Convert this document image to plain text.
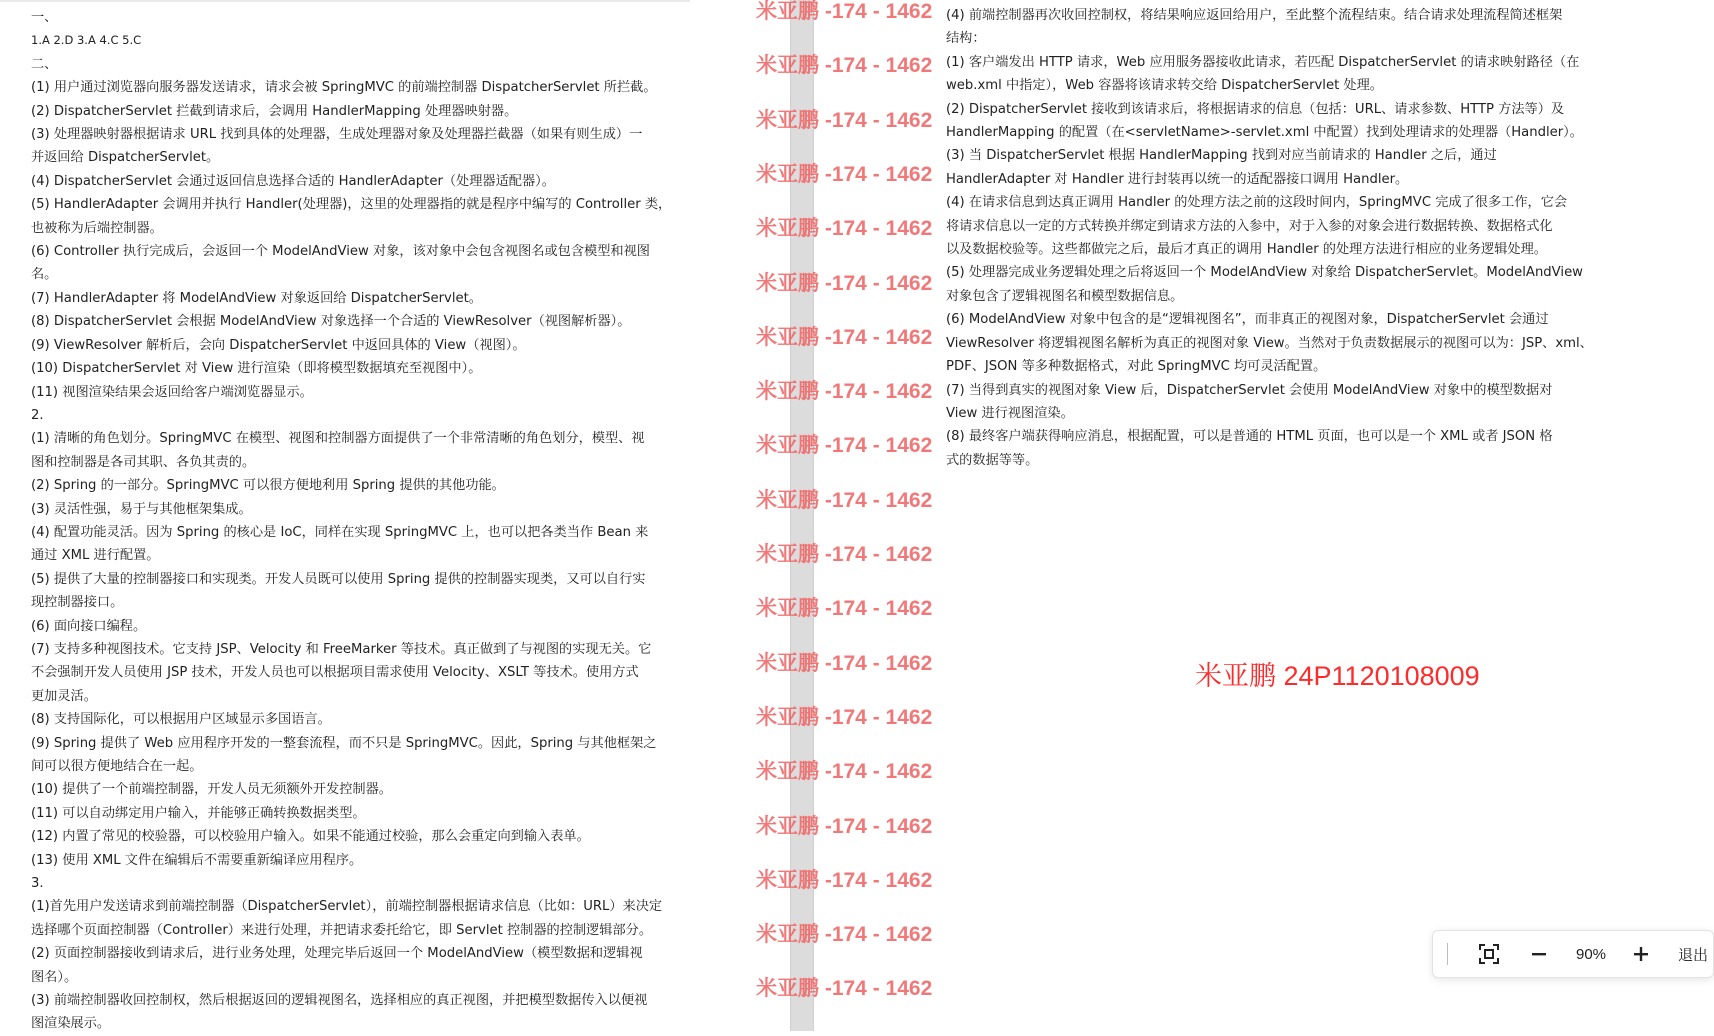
一、
1.A 2.D 3.A 4.C 5.C
二、
(1) 用户通过浏览器向服务器发送请求，请求会被 SpringMVC 的前端控制器 DispatcherServlet 所拦截。
(2) DispatcherServlet 拦截到请求后，会调用 HandlerMapping 处理器映射器。
(3) 处理器映射器根据请求 URL 找到具体的处理器，生成处理器对象及处理器拦截器（如果有则生成）一
并返回给 DispatcherServlet。
(4) DispatcherServlet 会通过返回信息选择合适的 HandlerAdapter（处理器适配器）。
(5) HandlerAdapter 会调用并执行 Handler(处理器)，这里的处理器指的就是程序中编写的 Controller 类，
也被称为后端控制器。
(6) Controller 执行完成后，会返回一个 ModelAndView 对象，该对象中会包含视图名或包含模型和视图
名。
(7) HandlerAdapter 将 ModelAndView 对象返回给 DispatcherServlet。
(8) DispatcherServlet 会根据 ModelAndView 对象选择一个合适的 ViewResolver（视图解析器）。
(9) ViewResolver 解析后，会向 DispatcherServlet 中返回具体的 View（视图）。
(10) DispatcherServlet 对 View 进行渲染（即将模型数据填充至视图中）。
(11) 视图渲染结果会返回给客户端浏览器显示。
2.
(1) 清晰的角色划分。SpringMVC 在模型、视图和控制器方面提供了一个非常清晰的角色划分，模型、视
图和控制器是各司其职、各负其责的。
(2) Spring 的一部分。SpringMVC 可以很方便地利用 Spring 提供的其他功能。
(3) 灵活性强，易于与其他框架集成。
(4) 配置功能灵活。因为 Spring 的核心是 IoC，同样在实现 SpringMVC 上，也可以把各类当作 Bean 来
通过 XML 进行配置。
(5) 提供了大量的控制器接口和实现类。开发人员既可以使用 Spring 提供的控制器实现类，又可以自行实
现控制器接口。
(6) 面向接口编程。
(7) 支持多种视图技术。它支持 JSP、Velocity 和 FreeMarker 等技术。真正做到了与视图的实现无关。它
不会强制开发人员使用 JSP 技术，开发人员也可以根据项目需求使用 Velocity、XSLT 等技术。使用方式
更加灵活。
(8) 支持国际化，可以根据用户区域显示多国语言。
(9) Spring 提供了 Web 应用程序开发的一整套流程，而不只是 SpringMVC。因此，Spring 与其他框架之
间可以很方便地结合在一起。
(10) 提供了一个前端控制器，开发人员无须额外开发控制器。
(11) 可以自动绑定用户输入，并能够正确转换数据类型。
(12) 内置了常见的校验器，可以校验用户输入。如果不能通过校验，那么会重定向到输入表单。
(13) 使用 XML 文件在编辑后不需要重新编译应用程序。
3.
(1)首先用户发送请求到前端控制器（DispatcherServlet），前端控制器根据请求信息（比如：URL）来决定
选择哪个页面控制器（Controller）来进行处理，并把请求委托给它，即 Servlet 控制器的控制逻辑部分。
(2) 页面控制器接收到请求后，进行业务处理，处理完毕后返回一个 ModelAndView（模型数据和逻辑视
图名）。
(3) 前端控制器收回控制权，然后根据返回的逻辑视图名，选择相应的真正视图，并把模型数据传入以便视
图渲染展示。
米亚鹏 -174 - 1462
米亚鹏 -174 - 1462
米亚鹏 -174 - 1462
米亚鹏 -174 - 1462
米亚鹏 -174 - 1462
米亚鹏 -174 - 1462
米亚鹏 -174 - 1462
米亚鹏 -174 - 1462
米亚鹏 -174 - 1462
米亚鹏 -174 - 1462
米亚鹏 -174 - 1462
米亚鹏 -174 - 1462
米亚鹏 -174 - 1462
米亚鹏 -174 - 1462
米亚鹏 -174 - 1462
米亚鹏 -174 - 1462
米亚鹏 -174 - 1462
米亚鹏 -174 - 1462
米亚鹏 -174 - 1462
(4) 前端控制器再次收回控制权，将结果响应返回给用户，至此整个流程结束。结合请求处理流程简述框架
结构：
(1) 客户端发出 HTTP 请求，Web 应用服务器接收此请求，若匹配 DispatcherServlet 的请求映射路径（在
web.xml 中指定），Web 容器将该请求转交给 DispatcherServlet 处理。
(2) DispatcherServlet 接收到该请求后，将根据请求的信息（包括：URL、请求参数、HTTP 方法等）及
HandlerMapping 的配置（在<servletName>-servlet.xml 中配置）找到处理请求的处理器（Handler）。
(3) 当 DispatcherServlet 根据 HandlerMapping 找到对应当前请求的 Handler 之后，通过
HandlerAdapter 对 Handler 进行封装再以统一的适配器接口调用 Handler。
(4) 在请求信息到达真正调用 Handler 的处理方法之前的这段时间内，SpringMVC 完成了很多工作，它会
将请求信息以一定的方式转换并绑定到请求方法的入参中，对于入参的对象会进行数据转换、数据格式化
以及数据校验等。这些都做完之后，最后才真正的调用 Handler 的处理方法进行相应的业务逻辑处理。
(5) 处理器完成业务逻辑处理之后将返回一个 ModelAndView 对象给 DispatcherServlet。ModelAndView
对象包含了逻辑视图名和模型数据信息。
(6) ModelAndView 对象中包含的是“逻辑视图名”，而非真正的视图对象，DispatcherServlet 会通过
ViewResolver 将逻辑视图名解析为真正的视图对象 View。当然对于负责数据展示的视图可以为：JSP、xml、
PDF、JSON 等多种数据格式，对此 SpringMVC 均可灵活配置。
(7) 当得到真实的视图对象 View 后，DispatcherServlet 会使用 ModelAndView 对象中的模型数据对
View 进行视图渲染。
(8) 最终客户端获得响应消息，根据配置，可以是普通的 HTML 页面，也可以是一个 XML 或者 JSON 格
式的数据等等。
米亚鹏 24P1120108009
90%	退出
